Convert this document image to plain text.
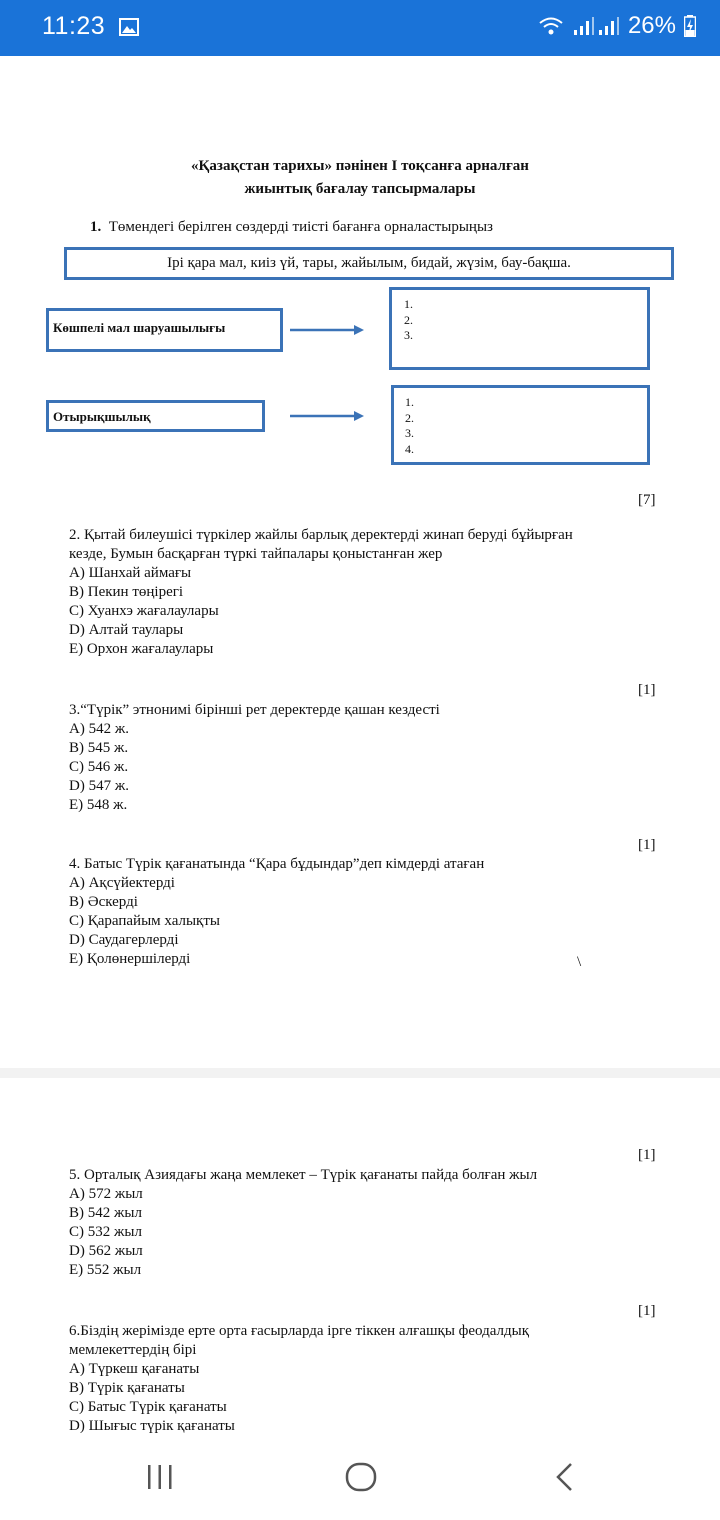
11:23	26%
«Қазақстан тарихы» пәнінен І тоқсанға арналған
жиынтық бағалау тапсырмалары
1. Төмендегі берілген сөздерді тиісті бағанға орналастырыңыз
Ірі қара мал, киіз үй, тары, жайылым, бидай, жүзім, бау-бақша.
Көшпелі мал шаруашылығы
1.
2.
3.
Отырықшылық
1.
2.
3.
4.
[7]
2. Қытай билеушісі түркілер жайлы барлық деректерді жинап беруді бұйырған
кезде, Бумын басқарған түркі тайпалары қоныстанған жер
A) Шанхай аймағы
B) Пекин төңірегі
C) Хуанхэ жағалаулары
D) Алтай таулары
E) Орхон жағалаулары
[1]
3.“Түрік” этнонимі бірінші рет деректерде қашан кездесті
A) 542 ж.
B) 545 ж.
C) 546 ж.
D) 547 ж.
E) 548 ж.
[1]
4. Батыс Түрік қағанатында “Қара бұдындар”деп кімдерді атаған
A) Ақсүйектерді
B) Әскерді
C) Қарапайым халықты
D) Саудагерлерді
E) Қолөнершілерді	\
[1]
5. Орталық Азиядағы жаңа мемлекет – Түрік қағанаты пайда болған жыл
A) 572 жыл
B) 542 жыл
C) 532 жыл
D) 562 жыл
E) 552 жыл
[1]
6.Біздің жерімізде ерте орта ғасырларда іргe тіккен алғашқы феодалдық
мемлекеттердің бірі
A) Түркеш қағанаты
B) Түрік қағанаты
C) Батыс Түрік қағанаты
D) Шығыс түрік қағанаты
